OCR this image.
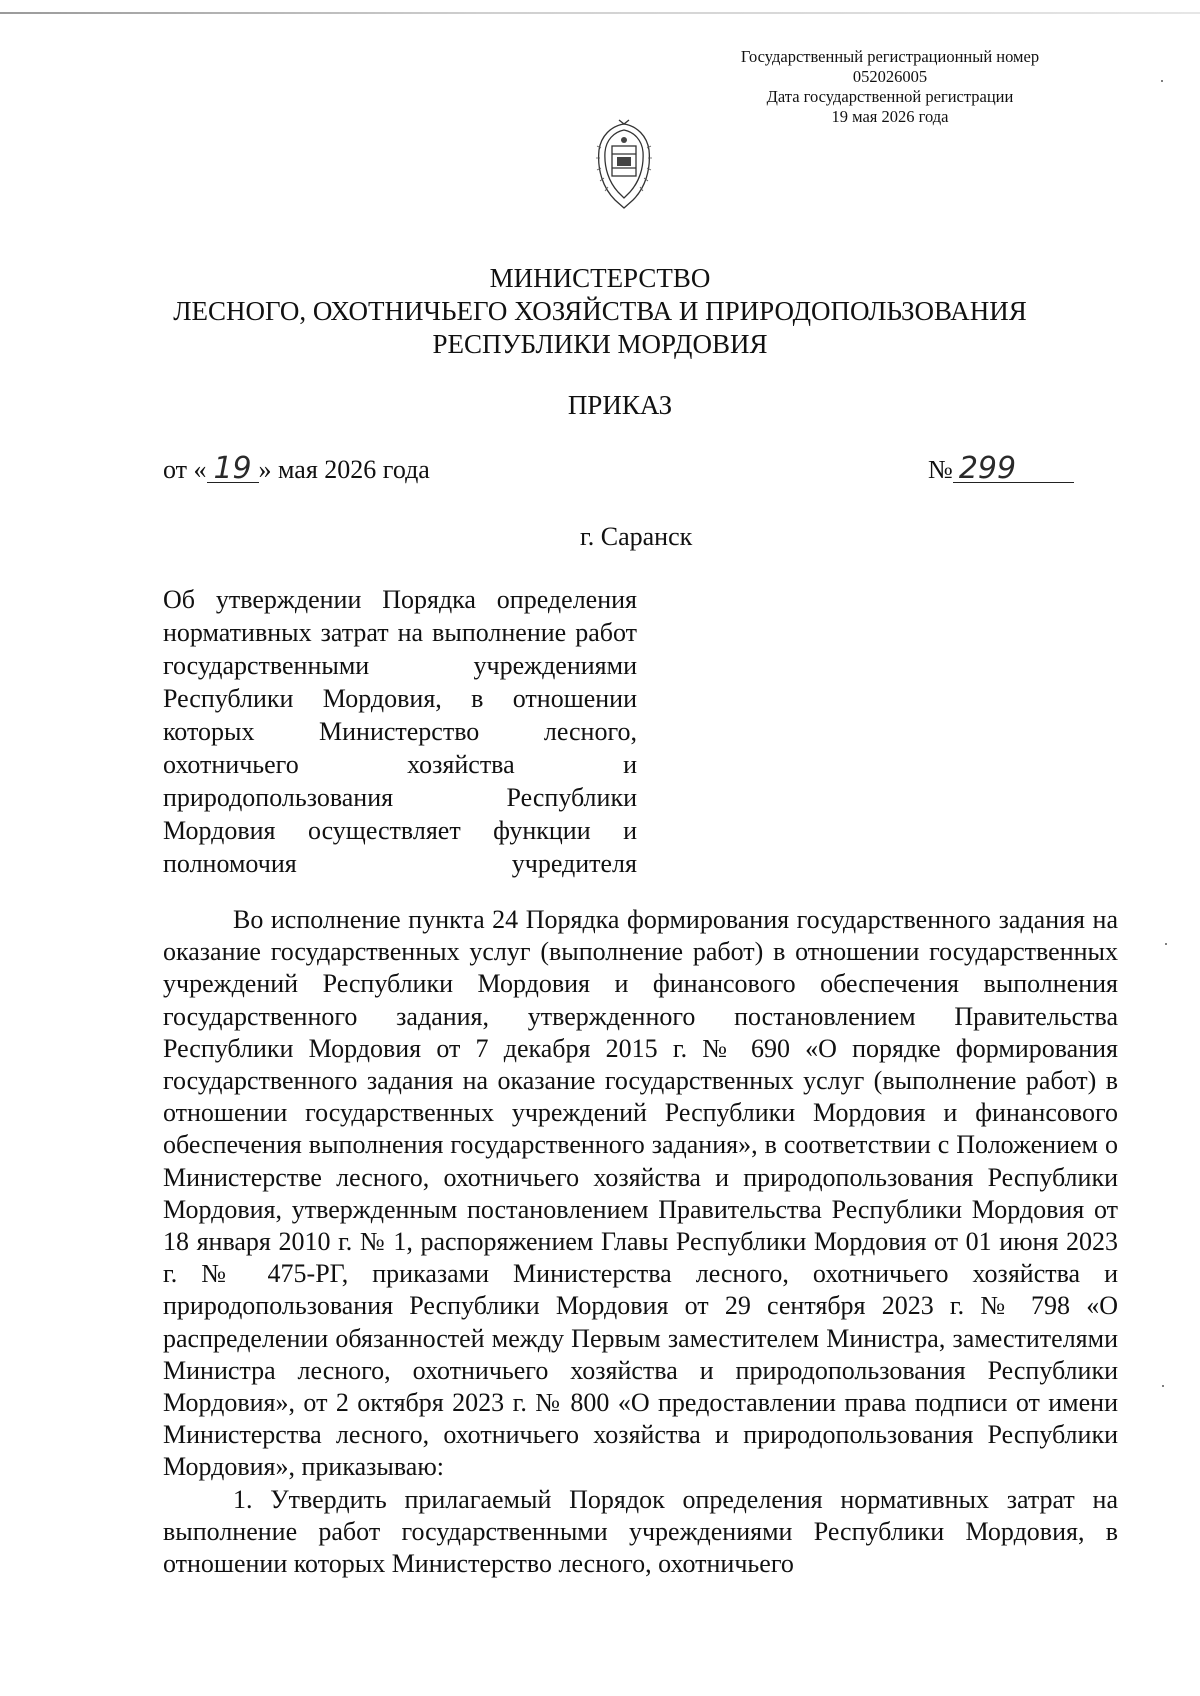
Государственный регистрационный номер
052026005
Дата государственной регистрации
19 мая 2026 года
МИНИСТЕРСТВО
ЛЕСНОГО, ОХОТНИЧЬЕГО ХОЗЯЙСТВА И ПРИРОДОПОЛЬЗОВАНИЯ
РЕСПУБЛИКИ МОРДОВИЯ
ПРИКАЗ
от « 19 » мая 2026 года	№ 299
г. Саранск
Об утверждении Порядка определения нормативных затрат на выполнение работ государственными учреждениями Республики Мордовия, в отношении которых Министерство лесного, охотничьего хозяйства и природопользования Республики Мордовия осуществляет функции и полномочия учредителя

Во исполнение пункта 24 Порядка формирования государственного задания на оказание государственных услуг (выполнение работ) в отношении государственных учреждений Республики Мордовия и финансового обеспечения выполнения государственного задания, утвержденного постановлением Правительства Республики Мордовия от 7 декабря 2015 г. № 690 «О порядке формирования государственного задания на оказание государственных услуг (выполнение работ) в отношении государственных учреждений Республики Мордовия и финансового обеспечения выполнения государственного задания», в соответствии с Положением о Министерстве лесного, охотничьего хозяйства и природопользования Республики Мордовия, утвержденным постановлением Правительства Республики Мордовия от 18 января 2010 г. № 1, распоряжением Главы Республики Мордовия от 01 июня 2023 г. № 475-РГ, приказами Министерства лесного, охотничьего хозяйства и природопользования Республики Мордовия от 29 сентября 2023 г. № 798 «О распределении обязанностей между Первым заместителем Министра, заместителями Министра лесного, охотничьего хозяйства и природопользования Республики Мордовия», от 2 октября 2023 г. № 800 «О предоставлении права подписи от имени Министерства лесного, охотничьего хозяйства и природопользования Республики Мордовия», приказываю:

1. Утвердить прилагаемый Порядок определения нормативных затрат на выполнение работ государственными учреждениями Республики Мордовия, в отношении которых Министерство лесного, охотничьего
